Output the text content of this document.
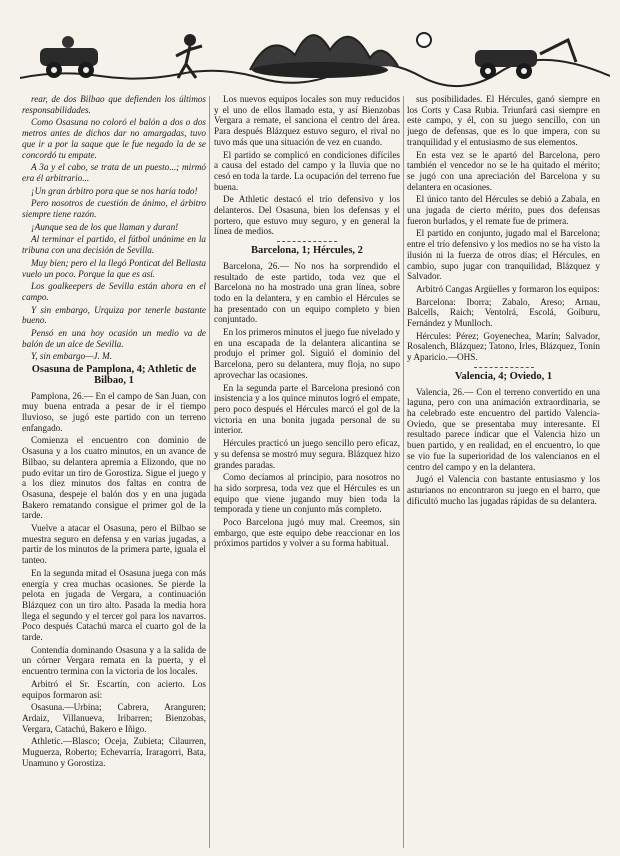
rear, de dos Bilbao que defienden los últimos responsabilidades.

Como Osasuna no coloró el balón a dos o dos metros antes de dichos dar no amargadas, tuvo que ir a por la saque que le fue negado la de se concordó tu empate.

A 3a y el cabo, se trata de un puesto...; mirmó era él arbitrario...

¡Un gran árbitro pora que se nos haría todo!

Pero nosotros de cuestión de ánimo, el árbitro siempre tiene razón.

¡Aunque sea de los que llaman y duran!

Al terminar el partido, el fútbol unánime en la tribuna con una decisión de Sevilla.

Muy bien; pero el la llegó Ponticat del Bellasta vuelo un poco. Porque la que es así.

Los goalkeepers de Sevilla están ahora en el campo.

Y sin embargo, Urquiza por tenerle bastante bueno.

Pensó en una hoy ocasión un medio va de balón de un alce de Sevilla.

Y, sin embargo—J. M.

Osasuna de Pamplona, 4; Athletic de Bilbao, 1

Pamplona, 26.— En el campo de San Juan, con muy buena entrada a pesar de ir el tiempo lluvioso, se jugó este partido con un terreno enfangado.

Comienza el encuentro con dominio de Osasuna y a los cuatro minutos, en un avance de Bilbao, su delantera apremia a Elizondo, que no pudo evitar un tiro de Gorostiza. Sigue el juego y a los diez minutos dos faltas en contra de Osasuna, despeje el balón dos y en una jugada Bakero rematando consigue el primer gol de la tarde.

Vuelve a atacar el Osasuna, pero el Bilbao se muestra seguro en defensa y en varias jugadas, a partir de los minutos de la primera parte, iguala el tanteo.

En la segunda mitad el Osasuna juega con más energía y crea muchas ocasiones. Se pierde la pelota en jugada de Vergara, a continuación Blázquez con un tiro alto. Pasada la media hora llega el segundo y el tercer gol para los navarros. Poco después Catachú marca el cuarto gol de la tarde.

Contendía dominando Osasuna y a la salida de un córner Vergara remata en la puerta, y el encuentro termina con la victoria de los locales.

Arbitró el Sr. Escartín, con acierto. Los equipos formaron así:

Osasuna.—Urbina; Cabrera, Aranguren; Ardaiz, Villanueva, Iribarren; Bienzobas, Vergara, Catachú, Bakero e Iñigo.

Athletic.—Blasco; Oceja, Zubieta; Cilaurren, Muguerza, Roberto; Echevarría, Iraragorri, Bata, Unamuno y Gorostiza.

Los nuevos equipos locales son muy reducidos y el uno de ellos llamado esta, y así Bienzobas Vergara a remate, el sanciona el centro del área. Para después Blázquez estuvo seguro, el rival no tuvo más que una situación de vez en cuando.

El partido se complicó en condiciones difíciles a causa del estado del campo y la lluvia que no cesó en toda la tarde. La ocupación del terreno fue buena.

De Athletic destacó el trío defensivo y los delanteros. Del Osasuna, bien los defensas y el portero, que estuvo muy seguro, y en general la línea de medios.

Barcelona, 1; Hércules, 2

Barcelona, 26.— No nos ha sorprendido el resultado de este partido, toda vez que el Barcelona no ha mostrado una gran línea, sobre todo en la delantera, y en cambio el Hércules se ha presentado con un equipo completo y bien conjuntado.

En los primeros minutos el juego fue nivelado y en una escapada de la delantera alicantina se produjo el primer gol. Siguió el dominio del Barcelona, pero su delantera, muy floja, no supo aprovechar las ocasiones.

En la segunda parte el Barcelona presionó con insistencia y a los quince minutos logró el empate, pero poco después el Hércules marcó el gol de la victoria en una bonita jugada personal de su interior.

Hércules practicó un juego sencillo pero eficaz, y su defensa se mostró muy segura. Blázquez hizo grandes paradas.

Como decíamos al principio, para nosotros no ha sido sorpresa, toda vez que el Hércules es un equipo que viene jugando muy bien toda la temporada y tiene un conjunto más completo.

Poco Barcelona jugó muy mal. Creemos, sin embargo, que este equipo debe reaccionar en los próximos partidos y volver a su forma habitual.

sus posibilidades. El Hércules, ganó siempre en los Corts y Casa Rubia. Triunfará casi siempre en este campo, y él, con su juego sencillo, con un juego de defensas, que es lo que impera, con su tranquilidad y el entusiasmo de sus elementos.

En esta vez se le apartó del Barcelona, pero también el vencedor no se le ha quitado el mérito; se jugó con una apreciación del Barcelona y su delantera en ocasiones.

El único tanto del Hércules se debió a Zabala, en una jugada de cierto mérito, pues dos defensas fueron burlados, y el remate fue de primera.

El partido en conjunto, jugado mal el Barcelona; entre el trío defensivo y los medios no se ha visto la ilusión ni la fuerza de otros días; el Hércules, en cambio, supo jugar con tranquilidad, Blázquez y Salvador.

Arbitró Cangas Argüelles y formaron los equipos:

Barcelona: Iborra; Zabalo, Areso; Arnau, Balcells, Raich; Ventolrá, Escolá, Goiburu, Fernández y Munlloch.

Hércules: Pérez; Goyenechea, Marín; Salvador, Rosalench, Blázquez; Tatono, Irles, Blázquez, Tonín y Aparicio.—OHS.

Valencia, 4; Oviedo, 1

Valencia, 26.— Con el terreno convertido en una laguna, pero con una animación extraordinaria, se ha celebrado este encuentro del partido Valencia-Oviedo, que se presentaba muy interesante. El resultado parece indicar que el Valencia hizo un buen partido, y en realidad, en el encuentro, lo que se vio fue la superioridad de los valencianos en el centro del campo y en la delantera.

Jugó el Valencia con bastante entusiasmo y los asturianos no encontraron su juego en el barro, que dificultó mucho las jugadas rápidas de su delantera.
